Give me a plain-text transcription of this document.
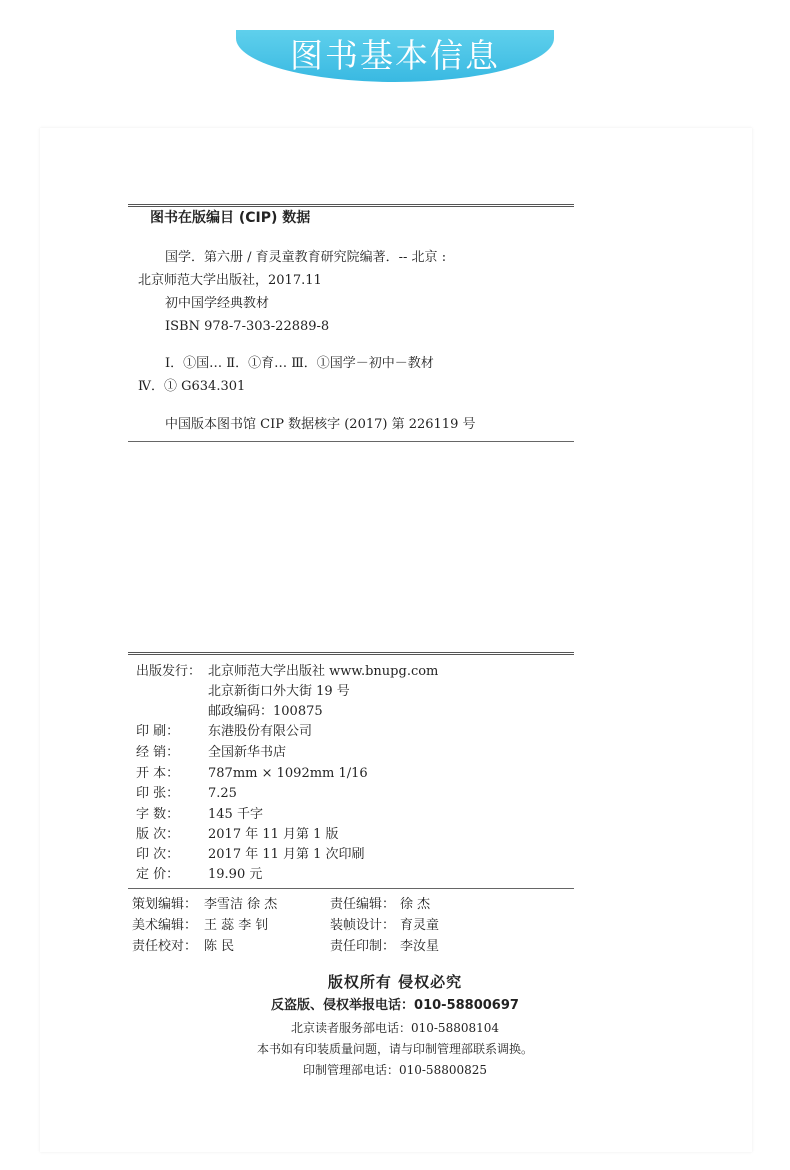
图书基本信息
图书在版编目 (CIP) 数据
国学．第六册 / 育灵童教育研究院编著．-- 北京 :
北京师范大学出版社，2017.11
初中国学经典教材
ISBN 978-7-303-22889-8
Ⅰ．①国… Ⅱ．①育… Ⅲ．①国学－初中－教材
Ⅳ．① G634.301
中国版本图书馆 CIP 数据核字 (2017) 第 226119 号
出版发行： 北京师范大学出版社 www.bnupg.com
北京新街口外大街 19 号
邮政编码：100875
印 刷： 东港股份有限公司
经 销： 全国新华书店
开 本： 787mm × 1092mm 1/16
印 张： 7.25
字 数： 145 千字
版 次： 2017 年 11 月第 1 版
印 次： 2017 年 11 月第 1 次印刷
定 价： 19.90 元
策划编辑： 李雪洁 徐 杰	责任编辑： 徐 杰
美术编辑： 王 蕊 李 钊	装帧设计： 育灵童
责任校对： 陈 民	责任印制： 李汝星
版权所有 侵权必究
反盗版、侵权举报电话：010-58800697
北京读者服务部电话：010-58808104
本书如有印装质量问题，请与印制管理部联系调换。
印制管理部电话：010-58800825
